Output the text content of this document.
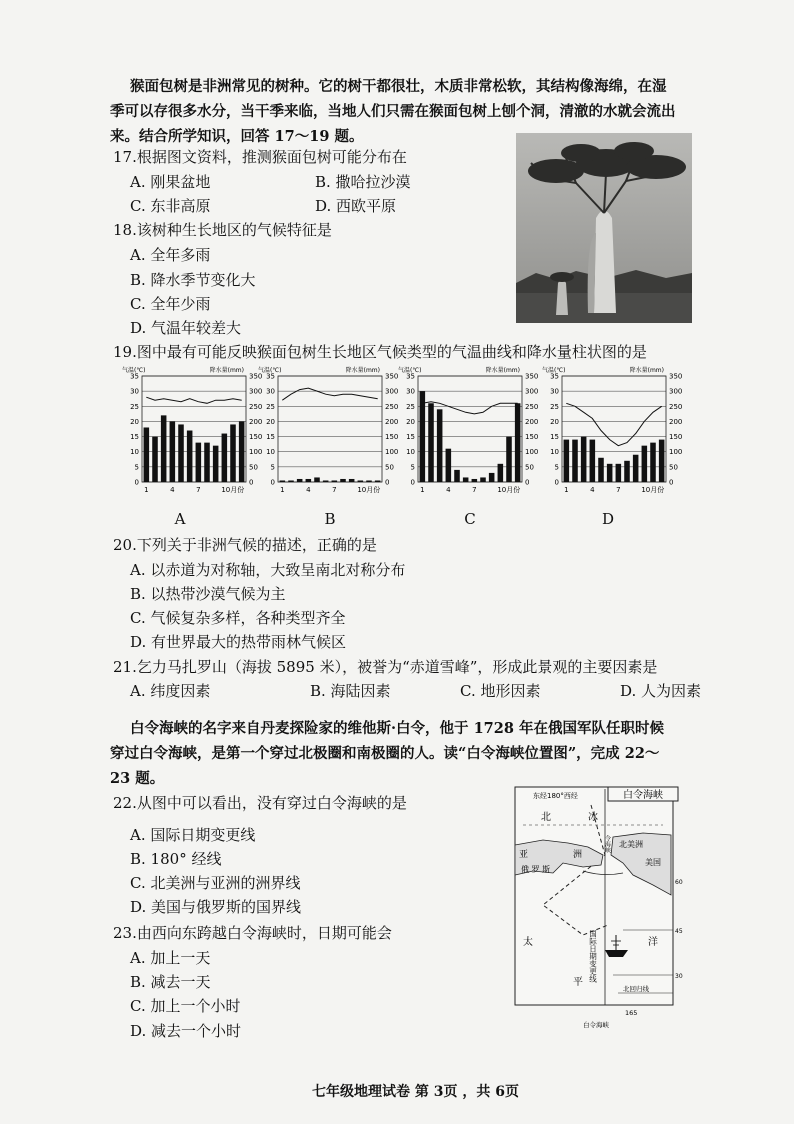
猴面包树是非洲常见的树种。它的树干都很壮，木质非常松软，其结构像海绵，在湿
季可以存很多水分，当干季来临，当地人们只需在猴面包树上刨个洞，清澈的水就会流出
来。结合所学知识，回答 17～19 题。
17.根据图文资料，推测猴面包树可能分布在
A. 刚果盆地	B. 撒哈拉沙漠
C. 东非高原	D. 西欧平原
18.该树种生长地区的气候特征是
A. 全年多雨
B. 降水季节变化大
C. 全年少雨
D. 气温年较差大
19.图中最有可能反映猴面包树生长地区气候类型的气温曲线和降水量柱状图的是
气温(℃)	降水量(mm)
35	350
30	300
25	250
20	200
15	150
10	100
5	50
0	0
1	4	7	10月份
气温(℃)	降水量(mm)
35	350
30	300
25	250
20	200
15	150
10	100
5	50
0	0
1	4	7	10月份
气温(℃)	降水量(mm)
35	350
30	300
25	250
20	200
15	150
10	100
5	50
0	0
1	4	7	10月份
气温(℃)	降水量(mm)
35	350
30	300
25	250
20	200
15	150
10	100
5	50
0	0
1	4	7	10月份
A	B	C	D
20.下列关于非洲气候的描述，正确的是
A. 以赤道为对称轴，大致呈南北对称分布
B. 以热带沙漠气候为主
C. 气候复杂多样，各种类型齐全
D. 有世界最大的热带雨林气候区
21.乞力马扎罗山（海拔 5895 米），被誉为“赤道雪峰”，形成此景观的主要因素是
A. 纬度因素	B. 海陆因素	C. 地形因素	D. 人为因素
白令海峡的名字来自丹麦探险家的维他斯·白令，他于 1728 年在俄国军队任职时候
穿过白令海峡，是第一个穿过北极圈和南极圈的人。读“白令海峡位置图”，完成 22～
23 题。
22.从图中可以看出，没有穿过白令海峡的是
A. 国际日期变更线
B. 180° 经线
C. 北美洲与亚洲的洲界线
D. 美国与俄罗斯的国界线
23.由西向东跨越白令海峡时，日期可能会
A. 加上一天
B. 减去一天
C. 加上一个小时
D. 减去一个小时
白令海峡
东经180°西经
北	冰
亚	洲
俄 罗 斯
北美洲
美国
令海峡
太
平
洋
国际日期变更线
60
45
30
北回归线
165
白令海峡
七年级地理试卷 第 3页 ，共 6页
